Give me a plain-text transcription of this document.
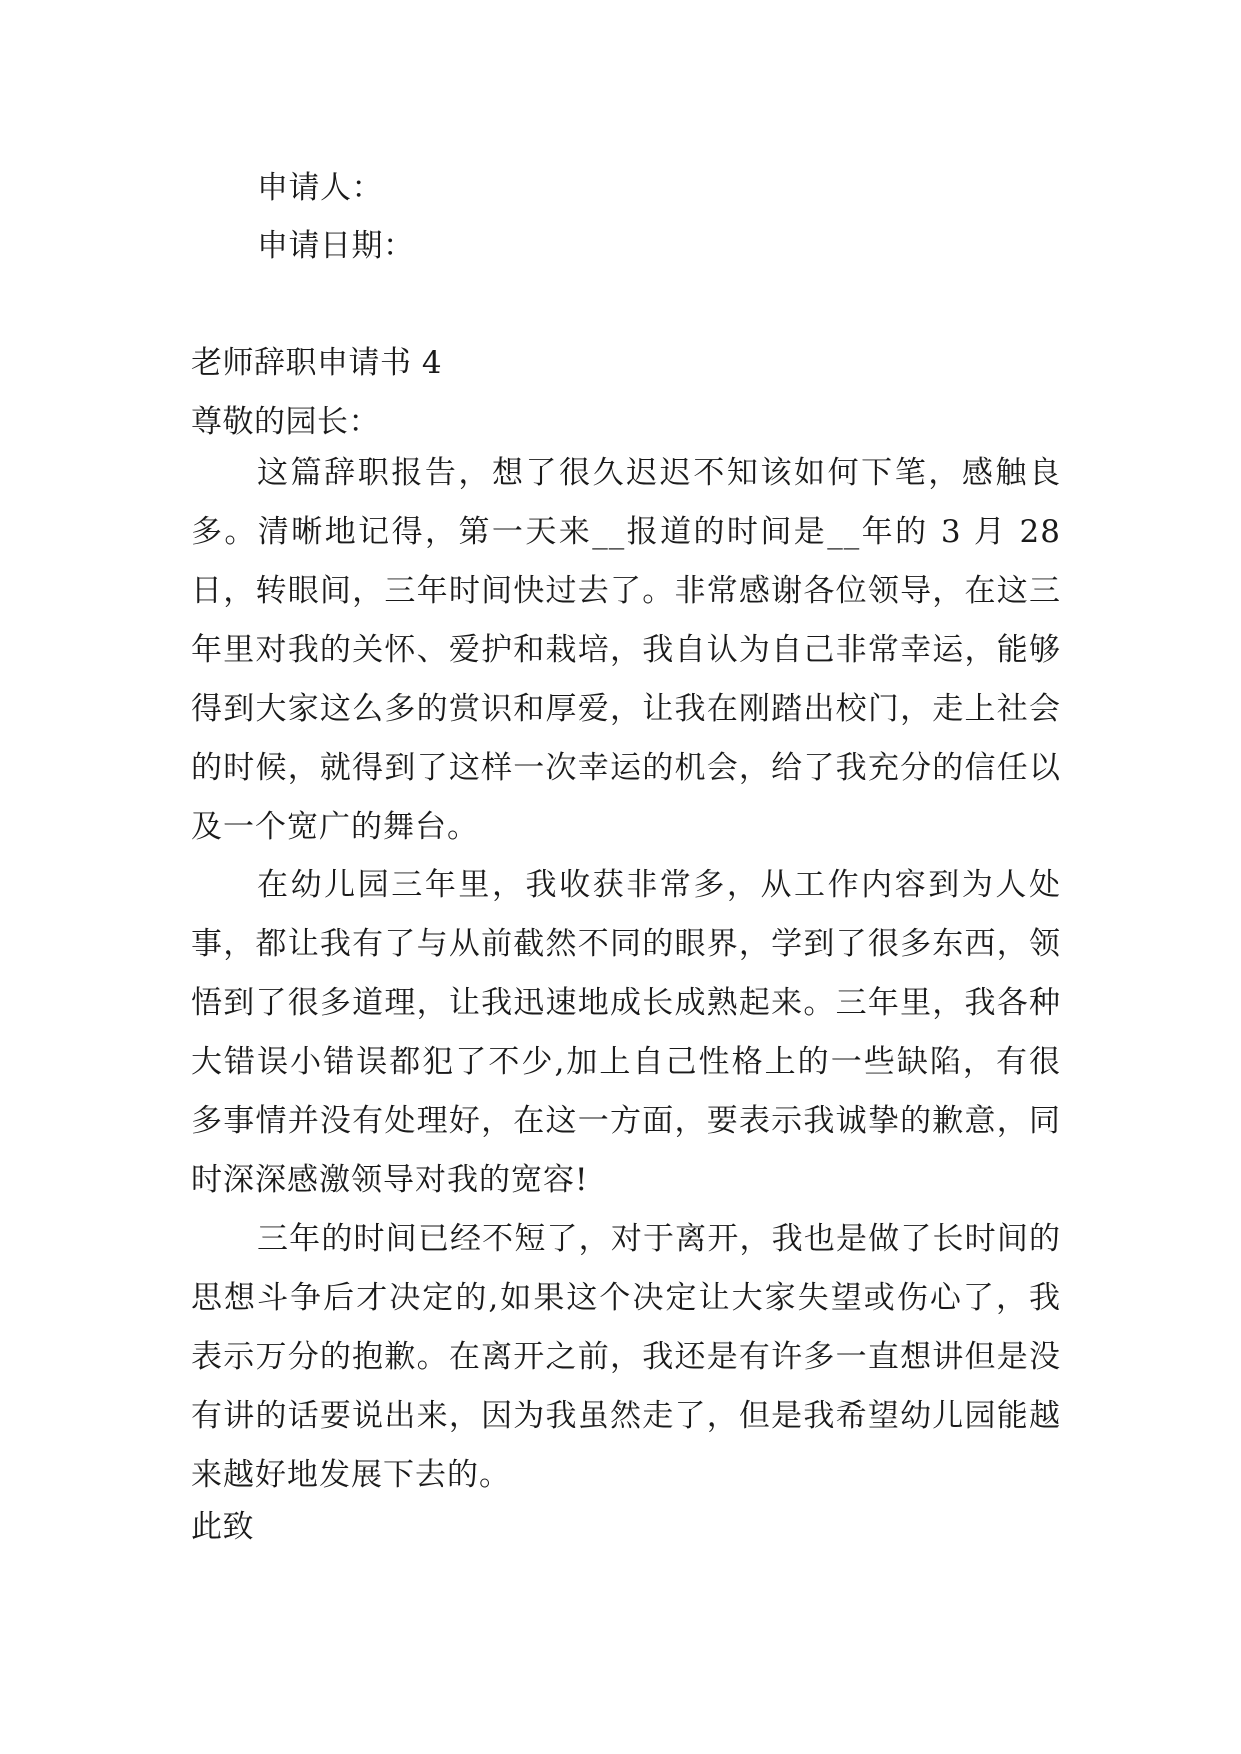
申请人：
申请日期：
老师辞职申请书 4
尊敬的园长：

这篇辞职报告，想了很久迟迟不知该如何下笔，感触良多。清晰地记得，第一天来__报道的时间是__年的 3 月 28 日，转眼间，三年时间快过去了。非常感谢各位领导，在这三年里对我的关怀、爱护和栽培，我自认为自己非常幸运，能够得到大家这么多的赏识和厚爱，让我在刚踏出校门，走上社会的时候，就得到了这样一次幸运的机会，给了我充分的信任以及一个宽广的舞台。

在幼儿园三年里，我收获非常多，从工作内容到为人处事，都让我有了与从前截然不同的眼界，学到了很多东西，领悟到了很多道理，让我迅速地成长成熟起来。三年里，我各种大错误小错误都犯了不少,加上自己性格上的一些缺陷，有很多事情并没有处理好，在这一方面，要表示我诚挚的歉意，同时深深感激领导对我的宽容!

三年的时间已经不短了，对于离开，我也是做了长时间的思想斗争后才决定的,如果这个决定让大家失望或伤心了，我表示万分的抱歉。在离开之前，我还是有许多一直想讲但是没有讲的话要说出来，因为我虽然走了，但是我希望幼儿园能越来越好地发展下去的。

此致
